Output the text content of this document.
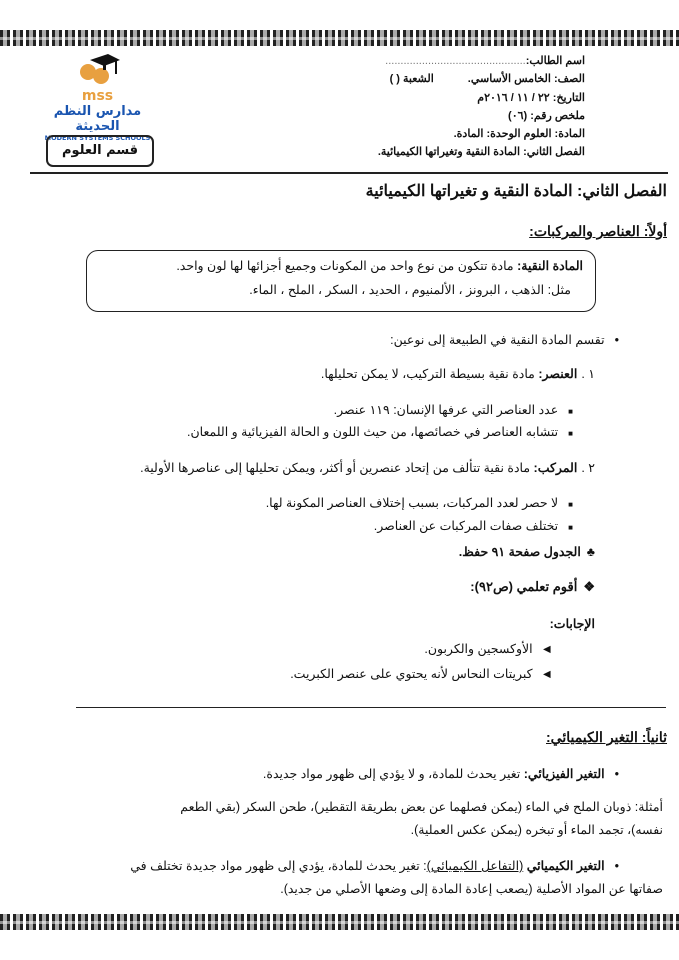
اسم الطالب:..............................................
الصف: الخامس الأساسي.الشعبة ( )
التاريخ: ٢٢ / ١١ / ٢٠١٦م
ملخص رقم: (٠٦)
المادة: العلوم الوحدة: المادة.
الفصل الثاني: المادة النقية وتغيراتها الكيميائية.
mss
مدارس النظم الحديثة
MODERN SYSTEMS SCHOOLS
قسم العلوم
الفصل الثاني: المادة النقية و تغيراتها الكيميائية
أولاً: العناصر والمركبات:
المادة النقية: مادة تتكون من نوع واحد من المكونات وجميع أجزائها لها لون واحد.
مثل: الذهب ، البرونز ، الألمنيوم ، الحديد ، السكر ، الملح ، الماء.
•تقسم المادة النقية في الطبيعة إلى نوعين:
١ .العنصر: مادة نقية بسيطة التركيب، لا يمكن تحليلها.
■عدد العناصر التي عرفها الإنسان: ١١٩ عنصر.
■تتشابه العناصر في خصائصها، من حيث اللون و الحالة الفيزيائية و اللمعان.
٢ .المركب: مادة نقية تتألف من إتحاد عنصرين أو أكثر، ويمكن تحليلها إلى عناصرها الأولية.
■لا حصر لعدد المركبات، بسبب إختلاف العناصر المكونة لها.
■تختلف صفات المركبات عن العناصر.
♣الجدول صفحة ٩١ حفظ.
❖أقوم تعلمي (ص٩٢):
الإجابات:
◄الأوكسجين والكربون.
◄كبريتات النحاس لأنه يحتوي على عنصر الكبريت.
ثانياً: التغير الكيميائي:
•التغير الفيزيائي: تغير يحدث للمادة، و لا يؤدي إلى ظهور مواد جديدة.
أمثلة: ذوبان الملح في الماء (يمكن فصلهما عن بعض بطريقة التقطير)، طحن السكر (بقي الطعم
نفسه)، تجمد الماء أو تبخره (يمكن عكس العملية).
•التغير الكيميائي (التفاعل الكيميائي): تغير يحدث للمادة، يؤدي إلى ظهور مواد جديدة تختلف في
صفاتها عن المواد الأصلية (يصعب إعادة المادة إلى وضعها الأصلي من جديد).
